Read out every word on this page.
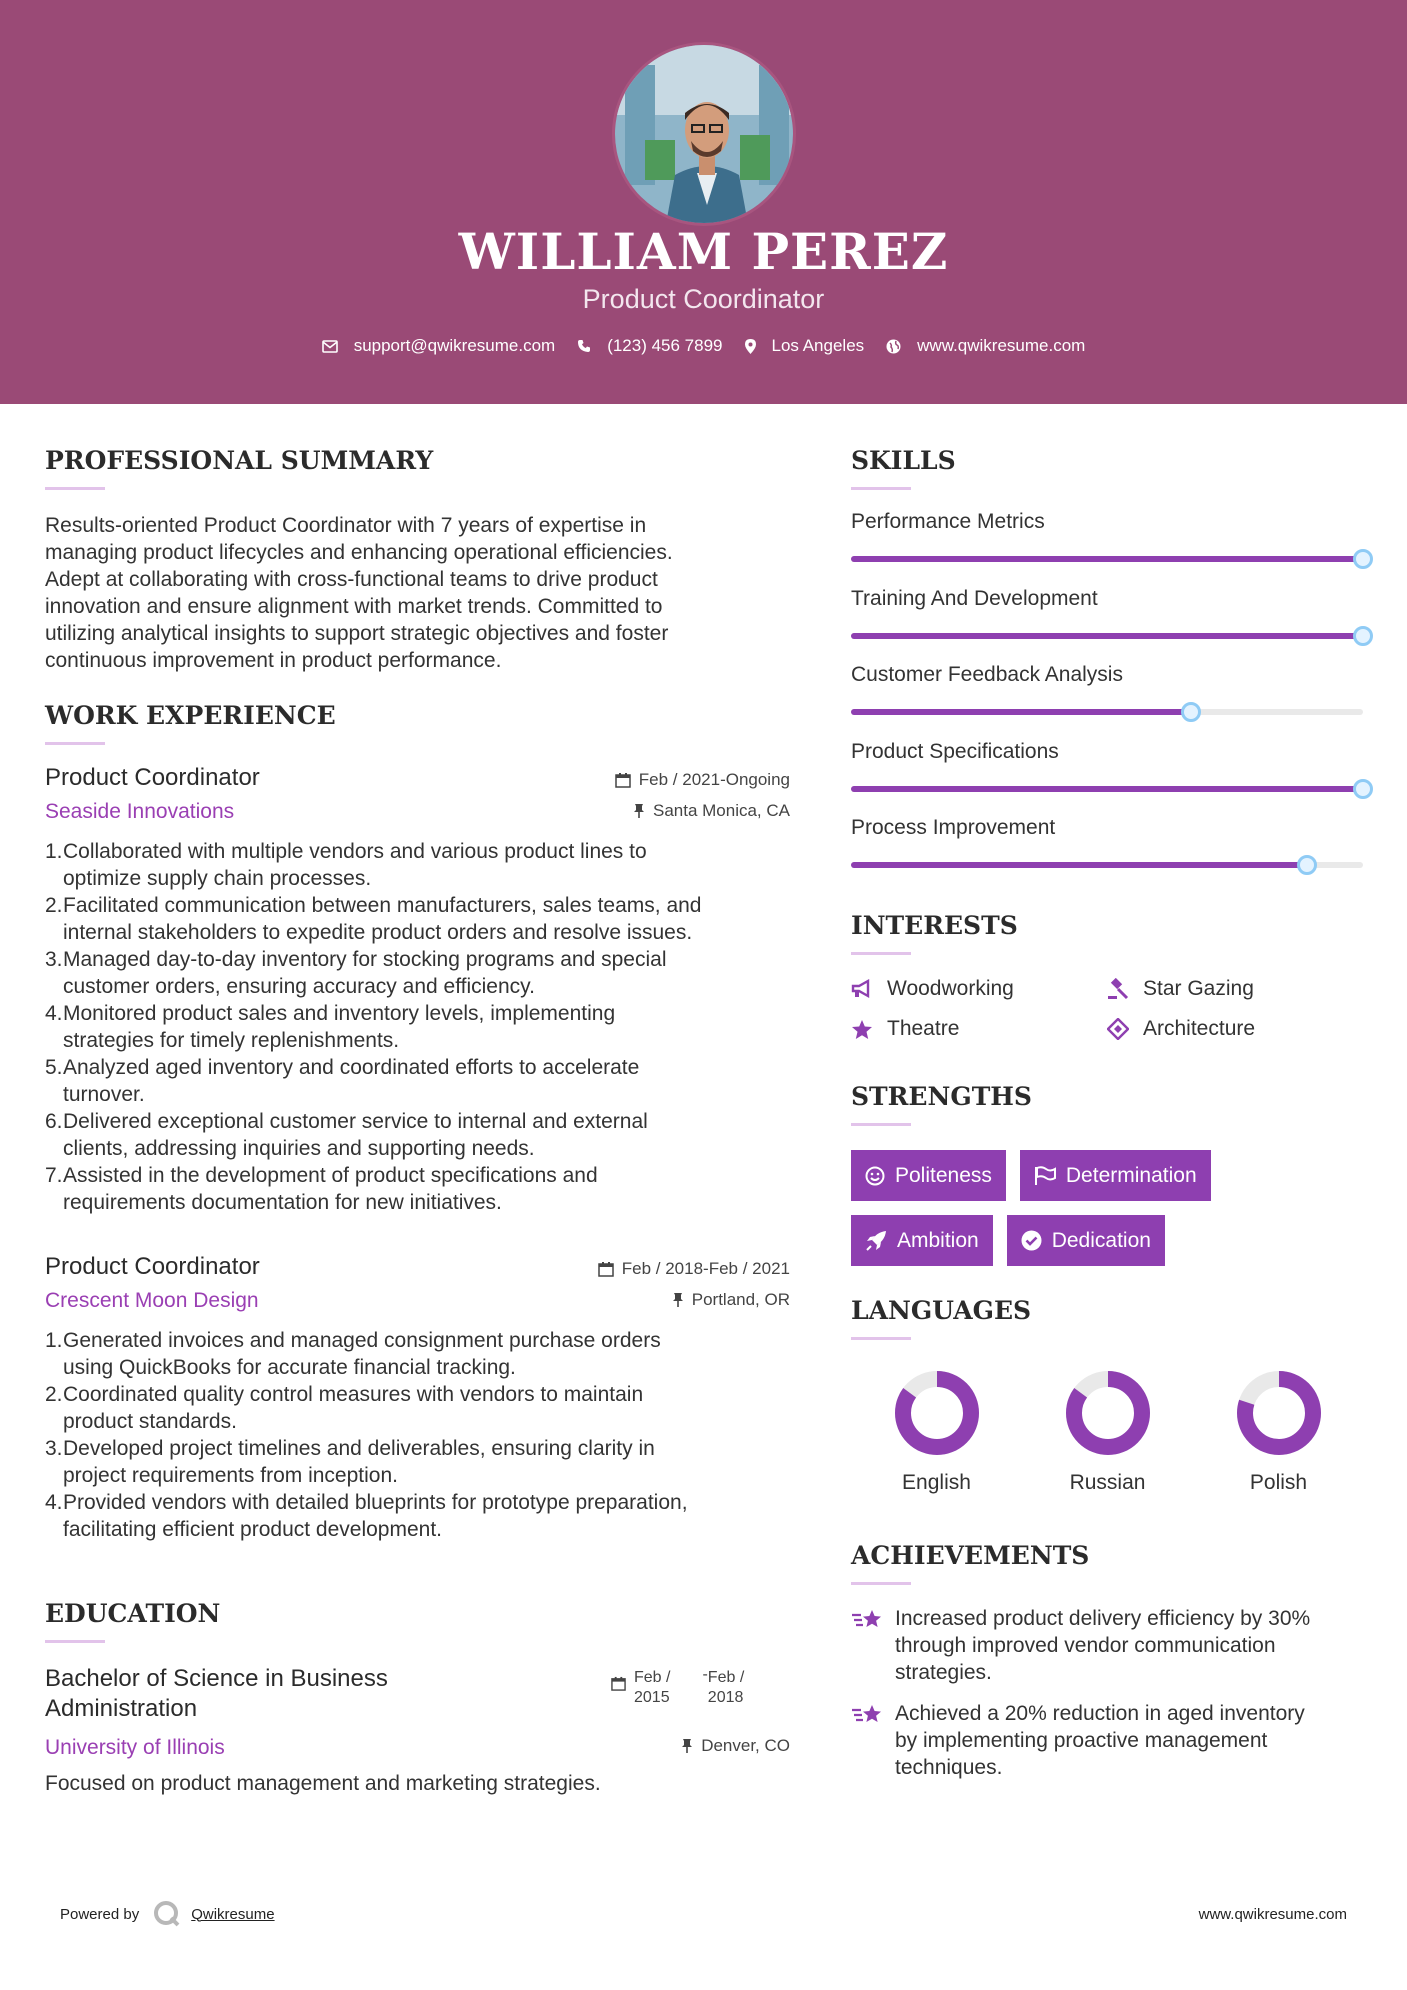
WILLIAM PEREZ
Product Coordinator
support@qwikresume.com	(123) 456 7899	Los Angeles	www.qwikresume.com
PROFESSIONAL SUMMARY
Results-oriented Product Coordinator with 7 years of expertise in
managing product lifecycles and enhancing operational efficiencies.
Adept at collaborating with cross-functional teams to drive product
innovation and ensure alignment with market trends. Committed to
utilizing analytical insights to support strategic objectives and foster
continuous improvement in product performance.
WORK EXPERIENCE
Product Coordinator
Seaside Innovations
Feb / 2021-Ongoing
Santa Monica, CA
1. Collaborated with multiple vendors and various product lines to
optimize supply chain processes.
2. Facilitated communication between manufacturers, sales teams, and
internal stakeholders to expedite product orders and resolve issues.
3. Managed day-to-day inventory for stocking programs and special
customer orders, ensuring accuracy and efficiency.
4. Monitored product sales and inventory levels, implementing
strategies for timely replenishments.
5. Analyzed aged inventory and coordinated efforts to accelerate
turnover.
6. Delivered exceptional customer service to internal and external
clients, addressing inquiries and supporting needs.
7. Assisted in the development of product specifications and
requirements documentation for new initiatives.
Product Coordinator
Crescent Moon Design
Feb / 2018-Feb / 2021
Portland, OR
1. Generated invoices and managed consignment purchase orders
using QuickBooks for accurate financial tracking.
2. Coordinated quality control measures with vendors to maintain
product standards.
3. Developed project timelines and deliverables, ensuring clarity in
project requirements from inception.
4. Provided vendors with detailed blueprints for prototype preparation,
facilitating efficient product development.
EDUCATION
Bachelor of Science in Business
Administration
University of Illinois
Feb /
2015
- Feb /
2018
Denver, CO
Focused on product management and marketing strategies.
SKILLS
Performance Metrics
Training And Development
Customer Feedback Analysis
Product Specifications
Process Improvement
INTERESTS
Woodworking	Star Gazing
Theatre	Architecture
STRENGTHS
Politeness	Determination
Ambition	Dedication
LANGUAGES
English	Russian	Polish
ACHIEVEMENTS
Increased product delivery efficiency by 30%
through improved vendor communication
strategies.
Achieved a 20% reduction in aged inventory
by implementing proactive management
techniques.
Powered by	Qwikresume	www.qwikresume.com
